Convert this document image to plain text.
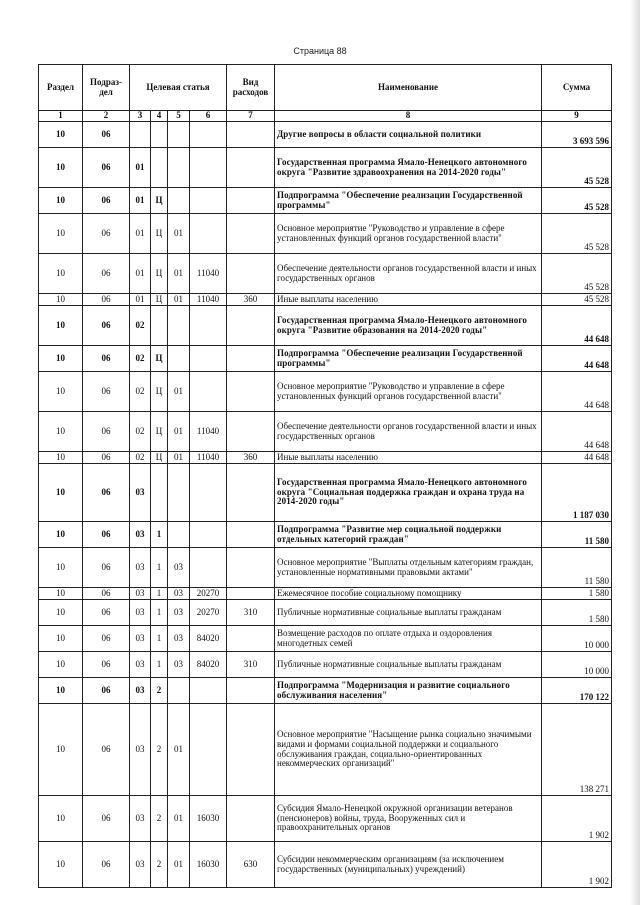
Страница 88
Раздел	Подраз-дел	Целевая статья				Вид расходов	Наименование	Сумма
1	2	3	4	5	6	7	8	9
10	06						Другие вопросы в области социальной политики	3 693 596
10	06	01					Государственная программа Ямало-Ненецкого автономного округа "Развитие здравоохранения на 2014-2020 годы"	45 528
10	06	01	Ц				Подпрограмма "Обеспечение реализации Государственной программы"	45 528
10	06	01	Ц	01			Основное мероприятие "Руководство и управление в сфере установленных функций органов государственной власти"	45 528
10	06	01	Ц	01	11040		Обеспечение деятельности органов государственной власти и иных государственных органов	45 528
10	06	01	Ц	01	11040	360	Иные выплаты населению	45 528
10	06	02					Государственная программа Ямало-Ненецкого автономного округа "Развитие образования на 2014-2020 годы"	44 648
10	06	02	Ц				Подпрограмма "Обеспечение реализации Государственной программы"	44 648
10	06	02	Ц	01			Основное мероприятие "Руководство и управление в сфере установленных функций органов государственной власти"	44 648
10	06	02	Ц	01	11040		Обеспечение деятельности органов государственной власти и иных государственных органов	44 648
10	06	02	Ц	01	11040	360	Иные выплаты населению	44 648
10	06	03					Государственная программа Ямало-Ненецкого автономного округа "Социальная поддержка граждан и охрана труда на 2014-2020 годы"	1 187 030
10	06	03	1				Подпрограмма "Развитие мер социальной поддержки отдельных категорий граждан"	11 580
10	06	03	1	03			Основное мероприятие "Выплаты отдельным категориям граждан, установленные нормативными правовыми актами"	11 580
10	06	03	1	03	20270		Ежемесячное пособие социальному помощнику	1 580
10	06	03	1	03	20270	310	Публичные нормативные социальные выплаты гражданам	1 580
10	06	03	1	03	84020		Возмещение расходов по оплате отдыха и оздоровления многодетных семей	10 000
10	06	03	1	03	84020	310	Публичные нормативные социальные выплаты гражданам	10 000
10	06	03	2				Подпрограмма "Модернизация и развитие социального обслуживания населения"	170 122
10	06	03	2	01			Основное мероприятие "Насыщение рынка социально значимыми видами и формами социальной поддержки и социального обслуживания граждан, социально-ориентированных некоммерческих организаций"	138 271
10	06	03	2	01	16030		Субсидия Ямало-Ненецкой окружной организации ветеранов (пенсионеров) войны, труда, Вооруженных сил и правоохранительных органов	1 902
10	06	03	2	01	16030	630	Субсидии некоммерческим организациям (за исключением государственных (муниципальных) учреждений)	1 902
